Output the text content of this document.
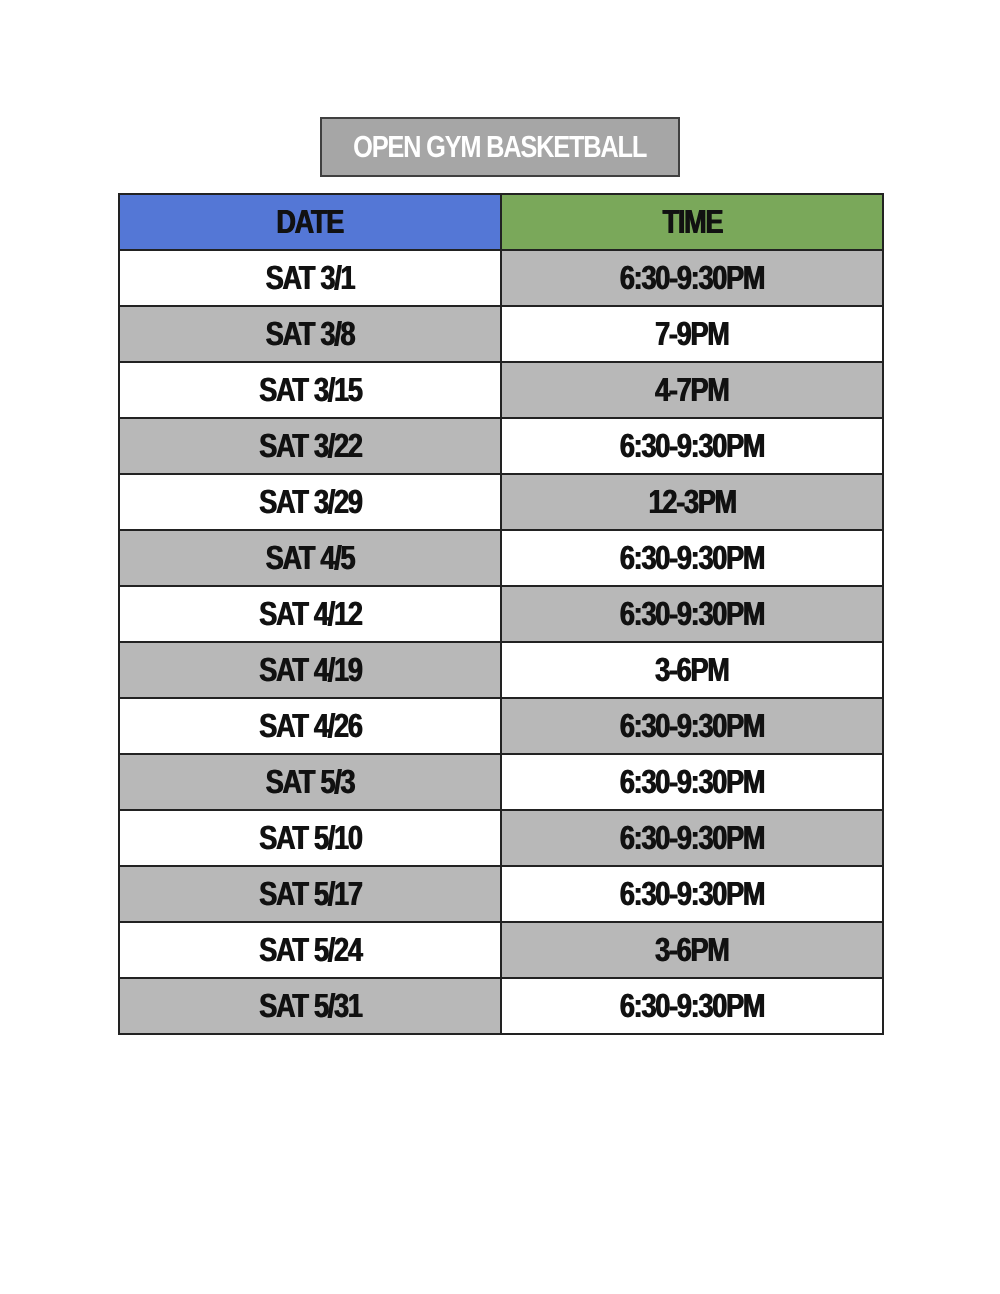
OPEN GYM BASKETBALL
DATE	TIME
SAT 3/1	6:30-9:30PM
SAT 3/8	7-9PM
SAT 3/15	4-7PM
SAT 3/22	6:30-9:30PM
SAT 3/29	12-3PM
SAT 4/5	6:30-9:30PM
SAT 4/12	6:30-9:30PM
SAT 4/19	3-6PM
SAT 4/26	6:30-9:30PM
SAT 5/3	6:30-9:30PM
SAT 5/10	6:30-9:30PM
SAT 5/17	6:30-9:30PM
SAT 5/24	3-6PM
SAT 5/31	6:30-9:30PM
